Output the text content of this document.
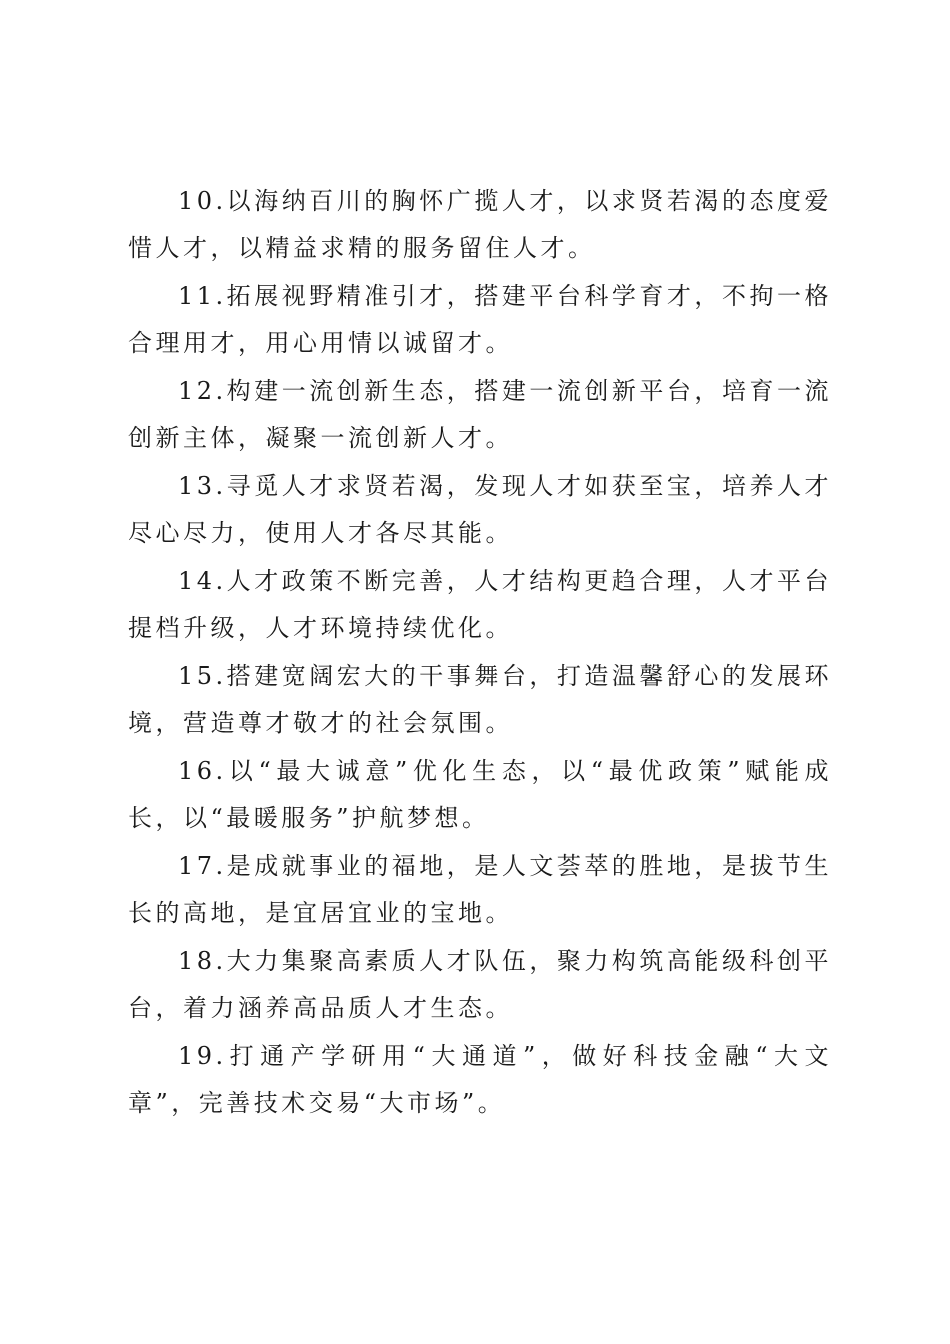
10.以海纳百川的胸怀广揽人才，以求贤若渴的态度爱惜人才，以精益求精的服务留住人才。

11.拓展视野精准引才，搭建平台科学育才，不拘一格合理用才，用心用情以诚留才。

12.构建一流创新生态，搭建一流创新平台，培育一流创新主体，凝聚一流创新人才。

13.寻觅人才求贤若渴，发现人才如获至宝，培养人才尽心尽力，使用人才各尽其能。

14.人才政策不断完善，人才结构更趋合理，人才平台提档升级，人才环境持续优化。

15.搭建宽阔宏大的干事舞台，打造温馨舒心的发展环境，营造尊才敬才的社会氛围。

16.以“最大诚意”优化生态，以“最优政策”赋能成长，以“最暖服务”护航梦想。

17.是成就事业的福地，是人文荟萃的胜地，是拔节生长的高地，是宜居宜业的宝地。

18.大力集聚高素质人才队伍，聚力构筑高能级科创平台，着力涵养高品质人才生态。

19.打通产学研用“大通道”，做好科技金融“大文章”，完善技术交易“大市场”。
